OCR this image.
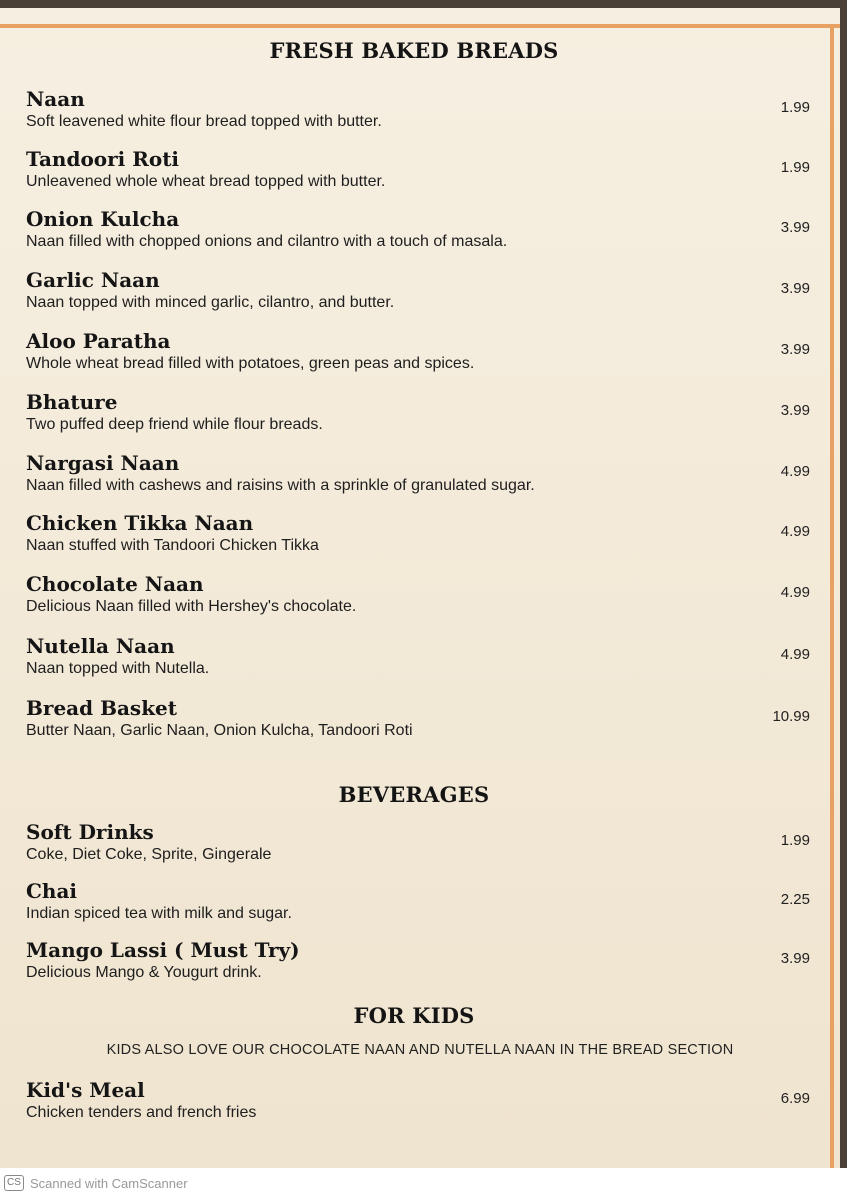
FRESH BAKED BREADS
Naan
Soft leavened white flour bread topped with butter.
1.99
Tandoori Roti
Unleavened whole wheat bread topped with butter.
1.99
Onion Kulcha
Naan filled with chopped onions and cilantro with a touch of masala.
3.99
Garlic Naan
Naan topped with minced garlic, cilantro, and butter.
3.99
Aloo Paratha
Whole wheat bread filled with potatoes, green peas and spices.
3.99
Bhature
Two puffed deep friend while flour breads.
3.99
Nargasi Naan
Naan filled with cashews and raisins with a sprinkle of granulated sugar.
4.99
Chicken Tikka Naan
Naan stuffed with Tandoori Chicken Tikka
4.99
Chocolate Naan
Delicious Naan filled with Hershey's chocolate.
4.99
Nutella Naan
Naan topped with Nutella.
4.99
Bread Basket
Butter Naan, Garlic Naan, Onion Kulcha, Tandoori Roti
10.99
BEVERAGES
Soft Drinks
Coke, Diet Coke, Sprite, Gingerale
1.99
Chai
Indian spiced tea with milk and sugar.
2.25
Mango Lassi ( Must Try)
Delicious Mango & Yougurt drink.
3.99
FOR KIDS
KIDS ALSO LOVE OUR CHOCOLATE NAAN AND NUTELLA NAAN IN THE BREAD SECTION
Kid's Meal
Chicken tenders and french fries
6.99
CS Scanned with CamScanner
